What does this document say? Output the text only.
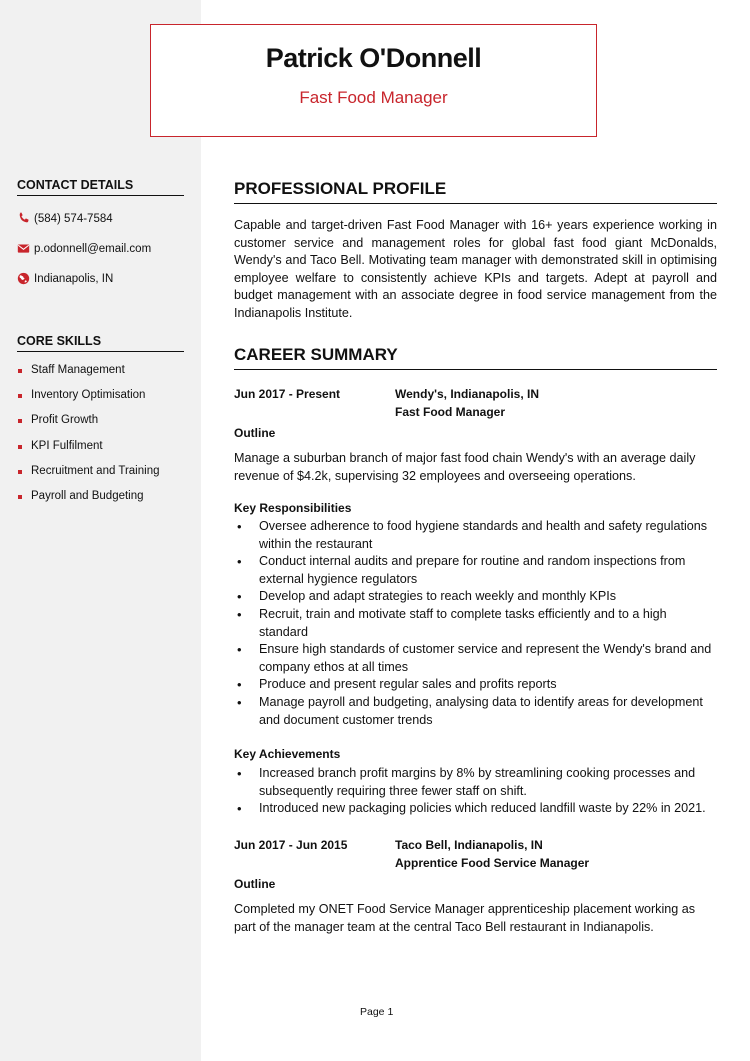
Patrick O'Donnell
Fast Food Manager
CONTACT DETAILS
(584) 574-7584
p.odonnell@email.com
Indianapolis, IN
CORE SKILLS
Staff Management
Inventory Optimisation
Profit Growth
KPI Fulfilment
Recruitment and Training
Payroll and Budgeting
PROFESSIONAL PROFILE

Capable and target-driven Fast Food Manager with 16+ years experience working in customer service and management roles for global fast food giant McDonalds, Wendy's and Taco Bell. Motivating team manager with demonstrated skill in optimising employee welfare to consistently achieve KPIs and targets. Adept at payroll and budget management with an associate degree in food service management from the Indianapolis Institute.

CAREER SUMMARY
Jun 2017 - Present	Wendy's, Indianapolis, IN
Fast Food Manager
Outline

Manage a suburban branch of major fast food chain Wendy's with an average daily revenue of $4.2k, supervising 32 employees and overseeing operations.

Key Responsibilities
• Oversee adherence to food hygiene standards and health and safety regulations within the restaurant
• Conduct internal audits and prepare for routine and random inspections from external hygience regulators
• Develop and adapt strategies to reach weekly and monthly KPIs
• Recruit, train and motivate staff to complete tasks efficiently and to a high standard
• Ensure high standards of customer service and represent the Wendy's brand and company ethos at all times
• Produce and present regular sales and profits reports
• Manage payroll and budgeting, analysing data to identify areas for development and document customer trends
Key Achievements
• Increased branch profit margins by 8% by streamlining cooking processes and subsequently requiring three fewer staff on shift.
• Introduced new packaging policies which reduced landfill waste by 22% in 2021.
Jun 2017 - Jun 2015	Taco Bell, Indianapolis, IN
Apprentice Food Service Manager
Outline

Completed my ONET Food Service Manager apprenticeship placement working as part of the manager team at the central Taco Bell restaurant in Indianapolis.

Page 1
